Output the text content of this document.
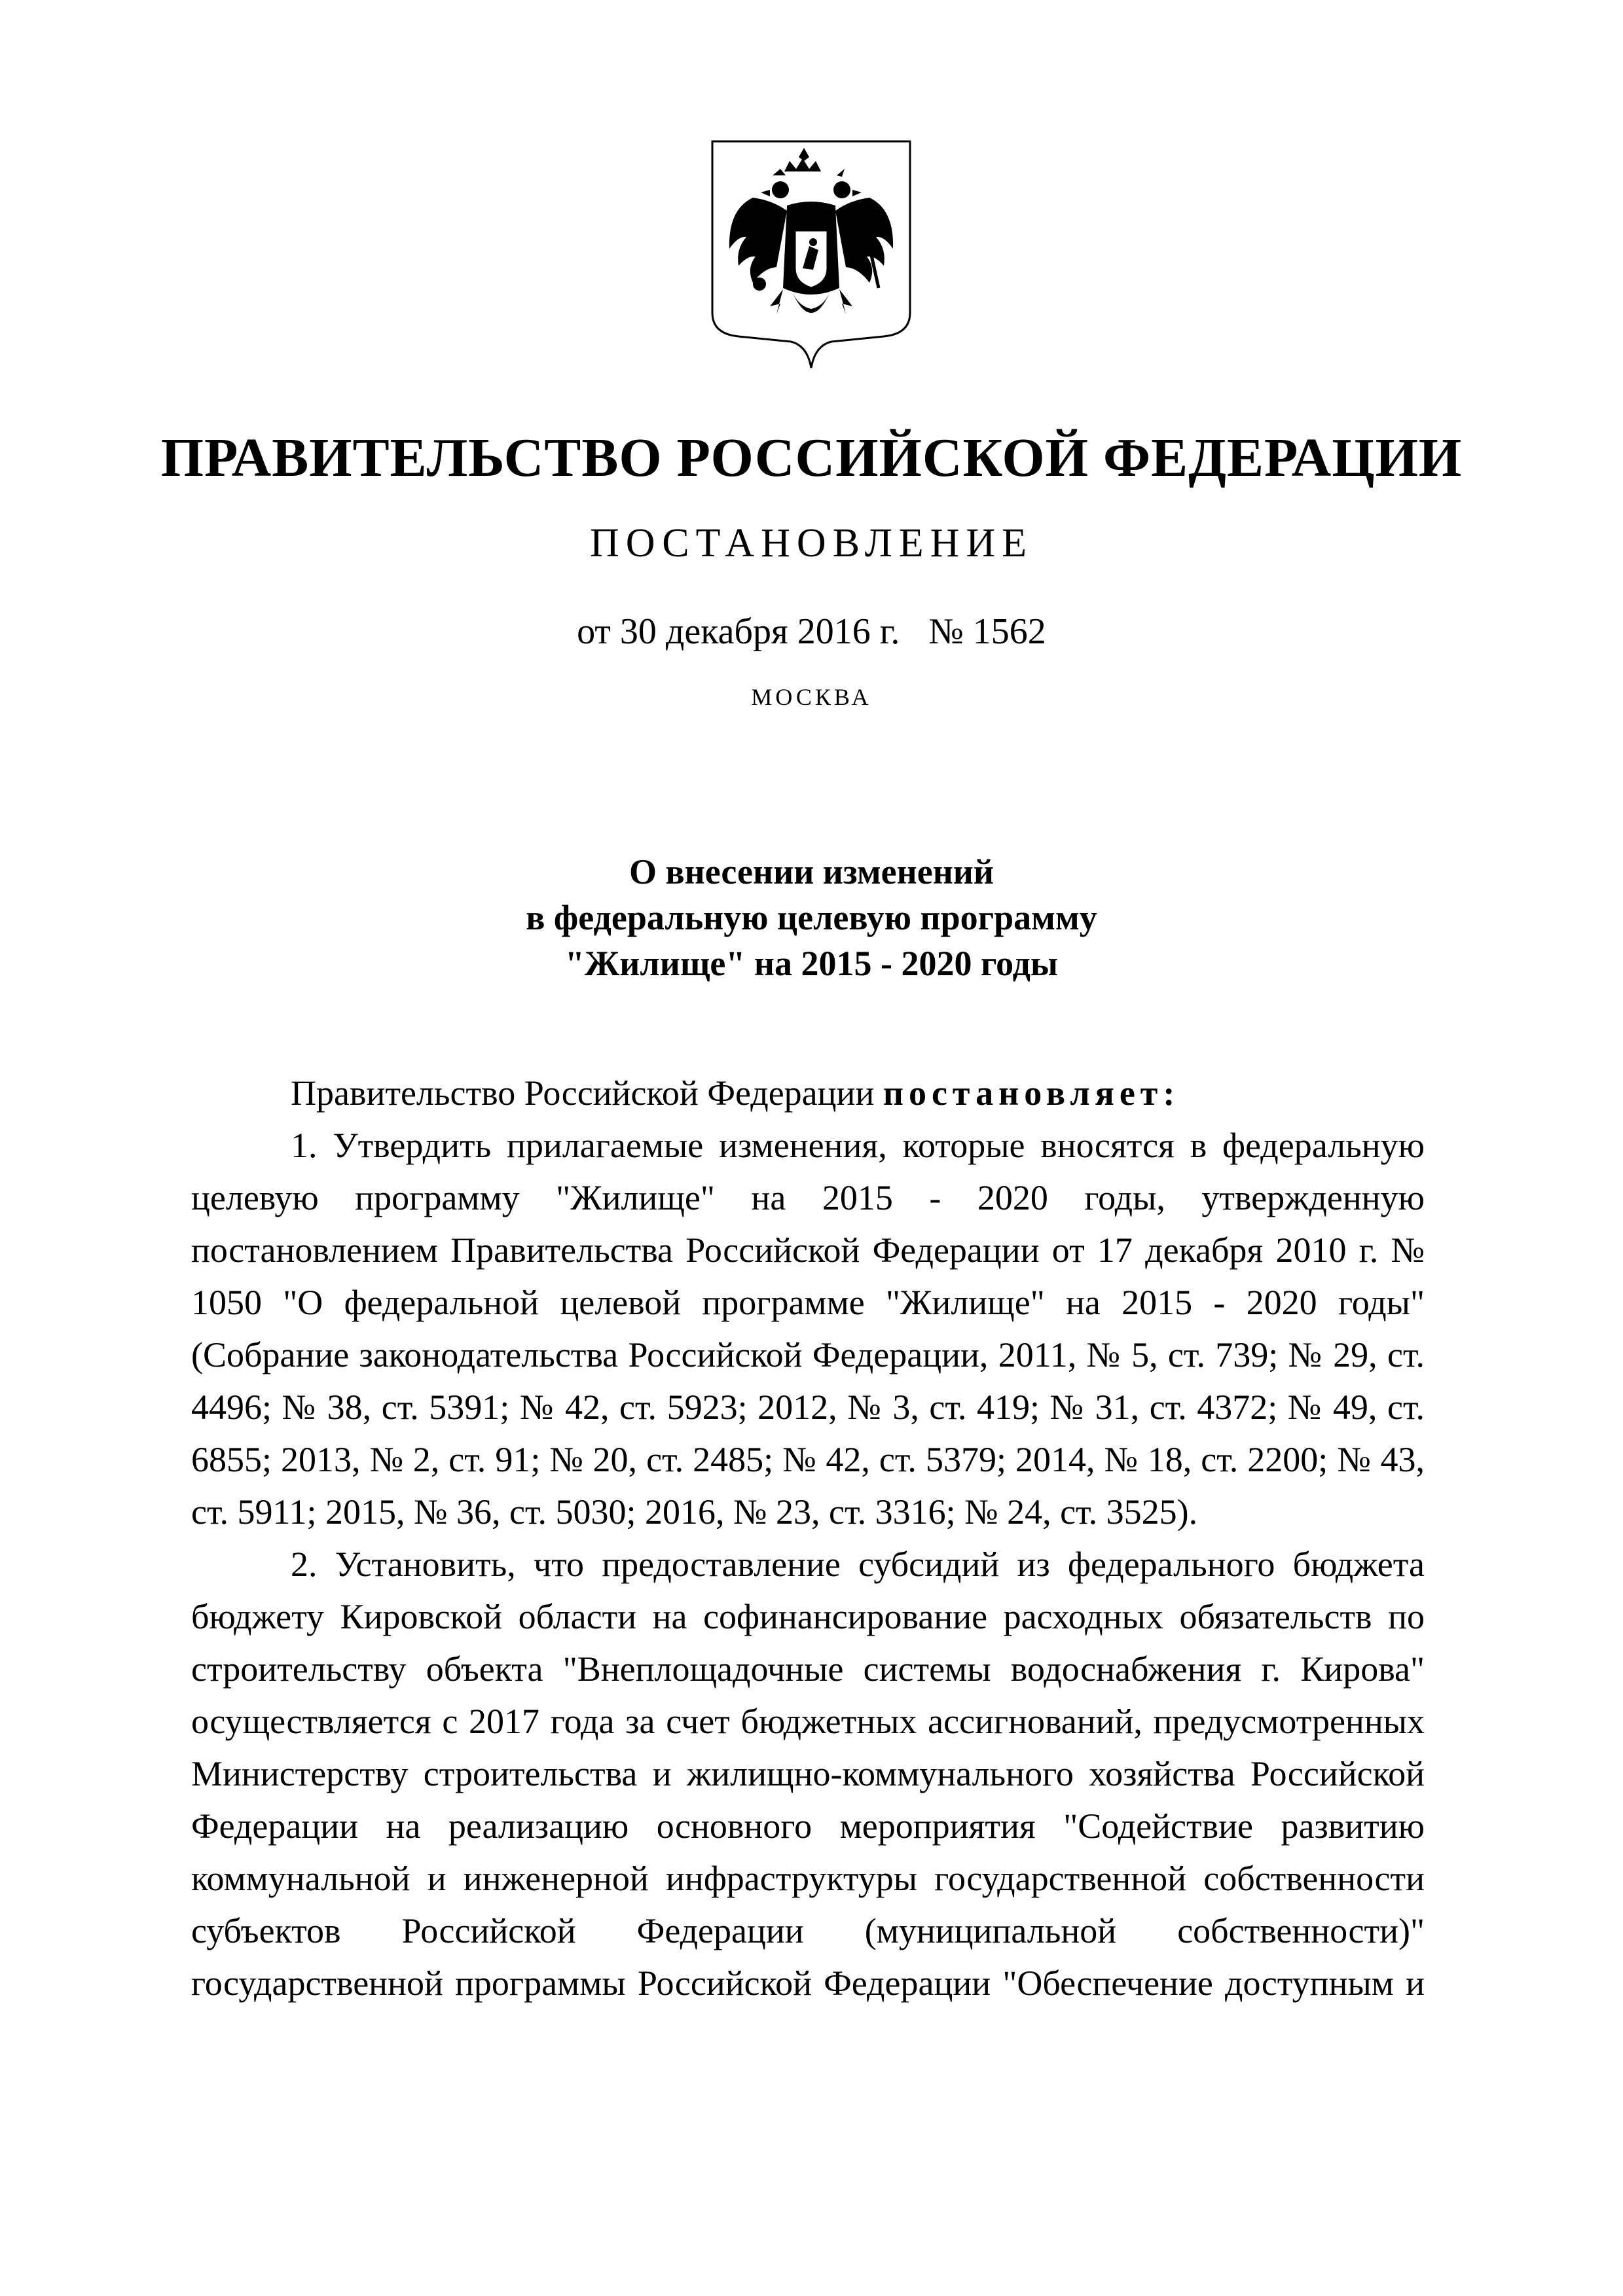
ПРАВИТЕЛЬСТВО РОССИЙСКОЙ ФЕДЕРАЦИИ
ПОСТАНОВЛЕНИЕ
от 30 декабря 2016 г. № 1562
МОСКВА
О внесении изменений
в федеральную целевую программу
"Жилище" на 2015 - 2020 годы

Правительство Российской Федерации постановляет:

1. Утвердить прилагаемые изменения, которые вносятся в федеральную целевую программу "Жилище" на 2015 - 2020 годы, утвержденную постановлением Правительства Российской Федерации от 17 декабря 2010 г. № 1050 "О федеральной целевой программе "Жилище" на 2015 - 2020 годы" (Собрание законодательства Российской Федерации, 2011, № 5, ст. 739; № 29, ст. 4496; № 38, ст. 5391; № 42, ст. 5923; 2012, № 3, ст. 419; № 31, ст. 4372; № 49, ст. 6855; 2013, № 2, ст. 91; № 20, ст. 2485; № 42, ст. 5379; 2014, № 18, ст. 2200; № 43, ст. 5911; 2015, № 36, ст. 5030; 2016, № 23, ст. 3316; № 24, ст. 3525).

2. Установить, что предоставление субсидий из федерального бюджета бюджету Кировской области на софинансирование расходных обязательств по строительству объекта "Внеплощадочные системы водоснабжения г. Кирова" осуществляется с 2017 года за счет бюджетных ассигнований, предусмотренных Министерству строительства и жилищно-коммунального хозяйства Российской Федерации на реализацию основного мероприятия "Содействие развитию коммунальной и инженерной инфраструктуры государственной собственности субъектов Российской Федерации (муниципальной собственности)" государственной программы Российской Федерации "Обеспечение доступным и
